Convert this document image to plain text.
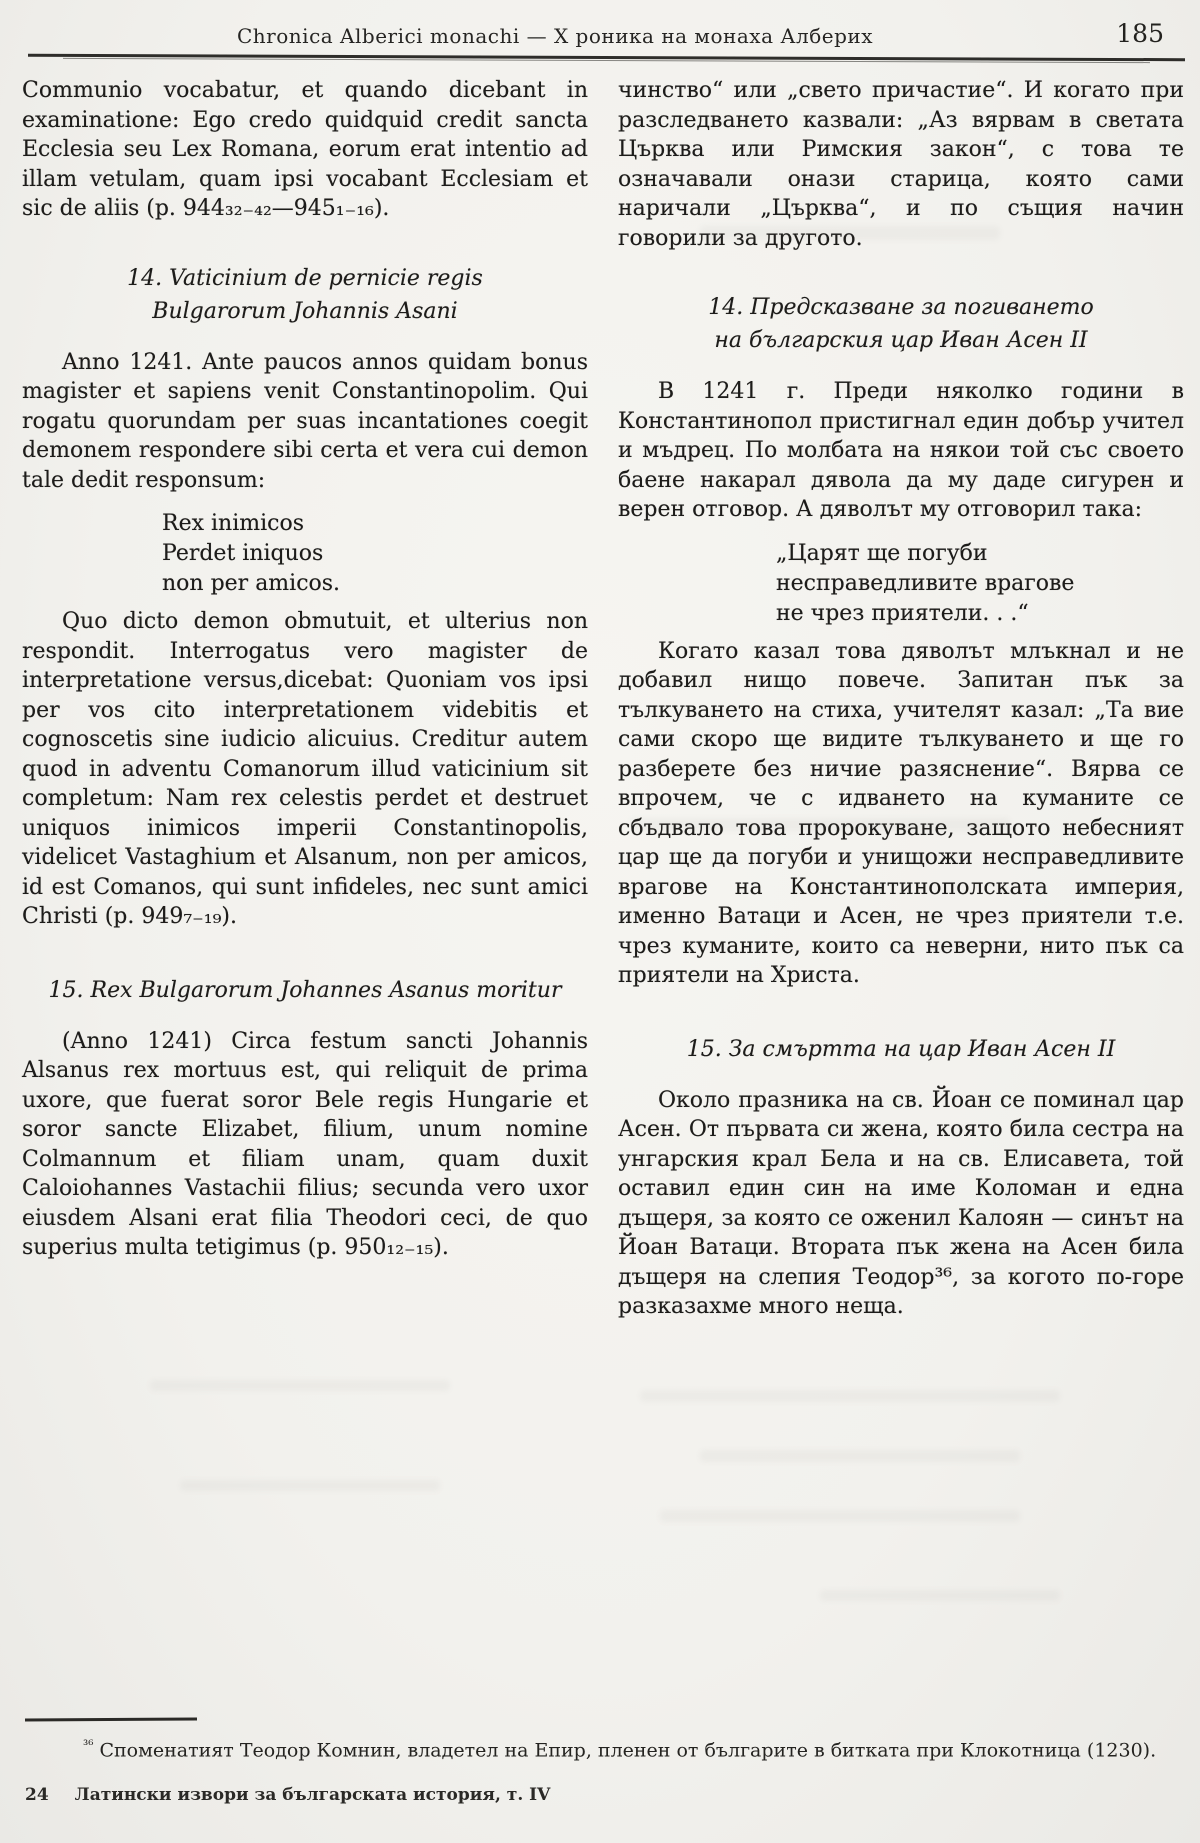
Chronica Alberici monachi — Х роника на монаха Алберих	185

Communio vocabatur, et quando dicebant in examinatione: Ego credo quidquid credit sancta Ecclesia seu Lex Romana, eorum erat intentio ad illam vetulam, quam ipsi vocabant Ecclesiam et sic de aliis (p. 944₃₂₋₄₂—945₁₋₁₆).

14. Vaticinium de pernicie regis
Bulgarorum Johannis Asani

Anno 1241. Ante paucos annos quidam bonus magister et sapiens venit Constantinopolim. Qui rogatu quorundam per suas incantationes coegit demonem respondere sibi certa et vera cui demon tale dedit responsum:

Rex inimicos
Perdet iniquos
non per amicos.

Quo dicto demon obmutuit, et ulterius non respondit. Interrogatus vero magister de interpretatione versus,dicebat: Quoniam vos ipsi per vos cito interpretationem videbitis et cognoscetis sine iudicio alicuius. Creditur autem quod in adventu Comanorum illud vaticinium sit completum: Nam rex celestis perdet et destruet uniquos inimicos imperii Constantinopolis, videlicet Vastaghium et Alsanum, non per amicos, id est Comanos, qui sunt infideles, nec sunt amici Christi (p. 949₇₋₁₉).

15. Rex Bulgarorum Johannes Asanus moritur

(Anno 1241) Circa festum sancti Johannis Alsanus rex mortuus est, qui reliquit de prima uxore, que fuerat soror Bele regis Hungarie et soror sancte Elizabet, filium, unum nomine Colmannum et filiam unam, quam duxit Caloiohannes Vastachii filius; secunda vero uxor eiusdem Alsani erat filia Theodori ceci, de quo superius multa tetigimus (p. 950₁₂₋₁₅).

чинство“ или „свето причастие“. И когато при разследването казвали: „Аз вярвам в светата Църква или Римския закон“, с това те означавали онази старица, която сами наричали „Църква“, и по същия начин говорили за другото.

14. Предсказване за погиването
на българския цар Иван Асен II

В 1241 г. Преди няколко години в Константинопол пристигнал един добър учител и мъдрец. По молбата на някои той със своето баене накарал дявола да му даде сигурен и верен отговор. А дяволът му отговорил така:

„Царят ще погуби
несправедливите врагове
не чрез приятели. . .“

Когато казал това дяволът млъкнал и не добавил нищо повече. Запитан пък за тълкуването на стиха, учителят казал: „Та вие сами скоро ще видите тълкуването и ще го разберете без ничие разяснение“. Вярва се впрочем, че с идването на куманите се сбъдвало това пророкуване, защото небесният цар ще да погуби и унищожи несправедливите врагове на Константинополската империя, именно Ватаци и Асен, не чрез приятели т.е. чрез куманите, които са неверни, нито пък са приятели на Христа.

15. За смъртта на цар Иван Асен II

Около празника на св. Йоан се поминал цар Асен. От първата си жена, която била сестра на унгарския крал Бела и на св. Елисавета, той оставил един син на име Коломан и една дъщеря, за която се оженил Калоян — синът на Йоан Ватаци. Втората пък жена на Асен била дъщеря на слепия Теодор³⁶, за когото по-горе разказахме много неща.

$^{^{36}}$ Споменатият Теодор Комнин, владетел на Епир, пленен от българите в битката при Клокотница (1230).

24 Латински извори за българската история, т. IV
